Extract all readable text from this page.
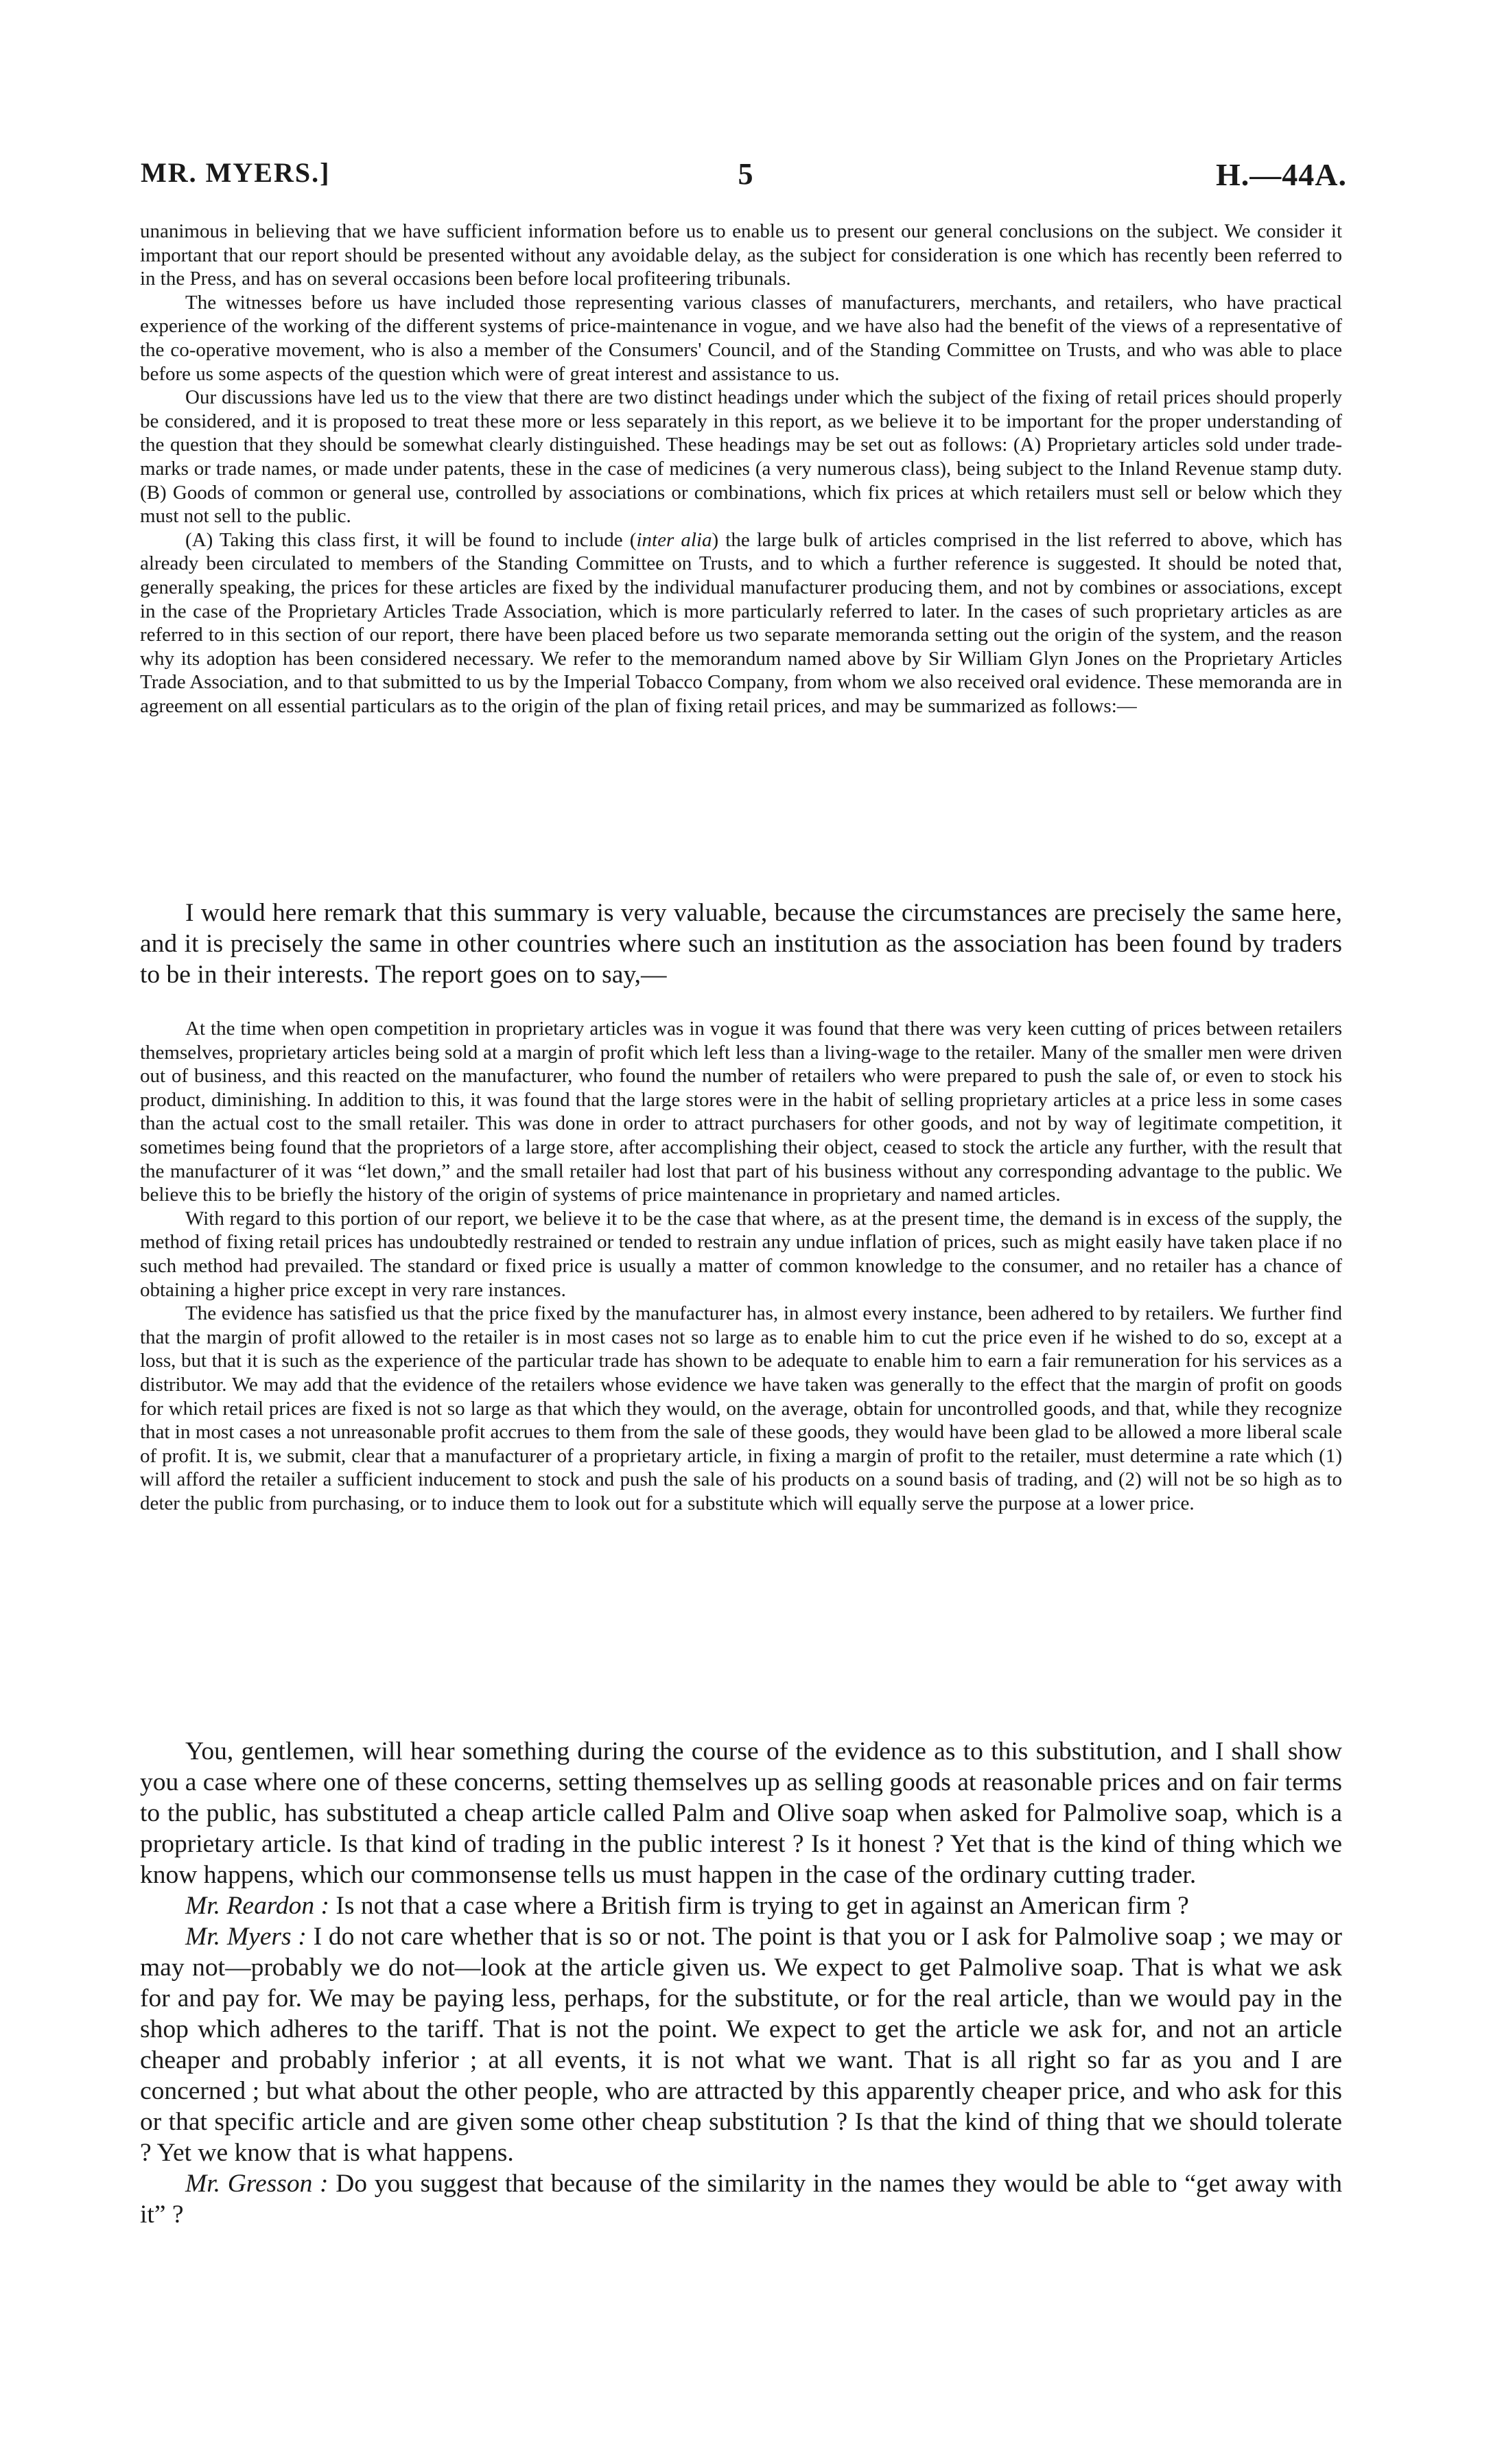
MR. MYERS.]	5	H.—44A.

unanimous in believing that we have sufficient information before us to enable us to present our general conclusions on the subject. We consider it important that our report should be presented without any avoidable delay, as the subject for consideration is one which has recently been referred to in the Press, and has on several occasions been before local profiteering tribunals.

The witnesses before us have included those representing various classes of manufacturers, merchants, and retailers, who have practical experience of the working of the different systems of price-maintenance in vogue, and we have also had the benefit of the views of a representative of the co-operative movement, who is also a member of the Consumers' Council, and of the Standing Committee on Trusts, and who was able to place before us some aspects of the question which were of great interest and assistance to us.

Our discussions have led us to the view that there are two distinct headings under which the subject of the fixing of retail prices should properly be considered, and it is proposed to treat these more or less separately in this report, as we believe it to be important for the proper understanding of the question that they should be somewhat clearly distinguished. These headings may be set out as follows: (A) Proprietary articles sold under trade-marks or trade names, or made under patents, these in the case of medicines (a very numerous class), being subject to the Inland Revenue stamp duty. (B) Goods of common or general use, controlled by associations or combinations, which fix prices at which retailers must sell or below which they must not sell to the public.

(A) Taking this class first, it will be found to include (inter alia) the large bulk of articles comprised in the list referred to above, which has already been circulated to members of the Standing Committee on Trusts, and to which a further reference is suggested. It should be noted that, generally speaking, the prices for these articles are fixed by the individual manufacturer producing them, and not by combines or associations, except in the case of the Proprietary Articles Trade Association, which is more particularly referred to later. In the cases of such proprietary articles as are referred to in this section of our report, there have been placed before us two separate memoranda setting out the origin of the system, and the reason why its adoption has been considered necessary. We refer to the memorandum named above by Sir William Glyn Jones on the Proprietary Articles Trade Association, and to that submitted to us by the Imperial Tobacco Company, from whom we also received oral evidence. These memoranda are in agreement on all essential particulars as to the origin of the plan of fixing retail prices, and may be summarized as follows:—

I would here remark that this summary is very valuable, because the circumstances are precisely the same here, and it is precisely the same in other countries where such an institution as the association has been found by traders to be in their interests. The report goes on to say,—

At the time when open competition in proprietary articles was in vogue it was found that there was very keen cutting of prices between retailers themselves, proprietary articles being sold at a margin of profit which left less than a living-wage to the retailer. Many of the smaller men were driven out of business, and this reacted on the manufacturer, who found the number of retailers who were prepared to push the sale of, or even to stock his product, diminishing. In addition to this, it was found that the large stores were in the habit of selling proprietary articles at a price less in some cases than the actual cost to the small retailer. This was done in order to attract purchasers for other goods, and not by way of legitimate competition, it sometimes being found that the proprietors of a large store, after accomplishing their object, ceased to stock the article any further, with the result that the manufacturer of it was “let down,” and the small retailer had lost that part of his business without any corresponding advantage to the public. We believe this to be briefly the history of the origin of systems of price maintenance in proprietary and named articles.

With regard to this portion of our report, we believe it to be the case that where, as at the present time, the demand is in excess of the supply, the method of fixing retail prices has undoubtedly restrained or tended to restrain any undue inflation of prices, such as might easily have taken place if no such method had prevailed. The standard or fixed price is usually a matter of common knowledge to the consumer, and no retailer has a chance of obtaining a higher price except in very rare instances.

The evidence has satisfied us that the price fixed by the manufacturer has, in almost every instance, been adhered to by retailers. We further find that the margin of profit allowed to the retailer is in most cases not so large as to enable him to cut the price even if he wished to do so, except at a loss, but that it is such as the experience of the particular trade has shown to be adequate to enable him to earn a fair remuneration for his services as a distributor. We may add that the evidence of the retailers whose evidence we have taken was generally to the effect that the margin of profit on goods for which retail prices are fixed is not so large as that which they would, on the average, obtain for uncontrolled goods, and that, while they recognize that in most cases a not unreasonable profit accrues to them from the sale of these goods, they would have been glad to be allowed a more liberal scale of profit. It is, we submit, clear that a manufacturer of a proprietary article, in fixing a margin of profit to the retailer, must determine a rate which (1) will afford the retailer a sufficient inducement to stock and push the sale of his products on a sound basis of trading, and (2) will not be so high as to deter the public from purchasing, or to induce them to look out for a substitute which will equally serve the purpose at a lower price.

You, gentlemen, will hear something during the course of the evidence as to this substitution, and I shall show you a case where one of these concerns, setting themselves up as selling goods at reasonable prices and on fair terms to the public, has substituted a cheap article called Palm and Olive soap when asked for Palmolive soap, which is a proprietary article. Is that kind of trading in the public interest ? Is it honest ? Yet that is the kind of thing which we know happens, which our commonsense tells us must happen in the case of the ordinary cutting trader.

Mr. Reardon : Is not that a case where a British firm is trying to get in against an American firm ?

Mr. Myers : I do not care whether that is so or not. The point is that you or I ask for Palmolive soap ; we may or may not—probably we do not—look at the article given us. We expect to get Palmolive soap. That is what we ask for and pay for. We may be paying less, perhaps, for the substitute, or for the real article, than we would pay in the shop which adheres to the tariff. That is not the point. We expect to get the article we ask for, and not an article cheaper and probably inferior ; at all events, it is not what we want. That is all right so far as you and I are concerned ; but what about the other people, who are attracted by this apparently cheaper price, and who ask for this or that specific article and are given some other cheap substitution ? Is that the kind of thing that we should tolerate ? Yet we know that is what happens.

Mr. Gresson : Do you suggest that because of the similarity in the names they would be able to “get away with it” ?
